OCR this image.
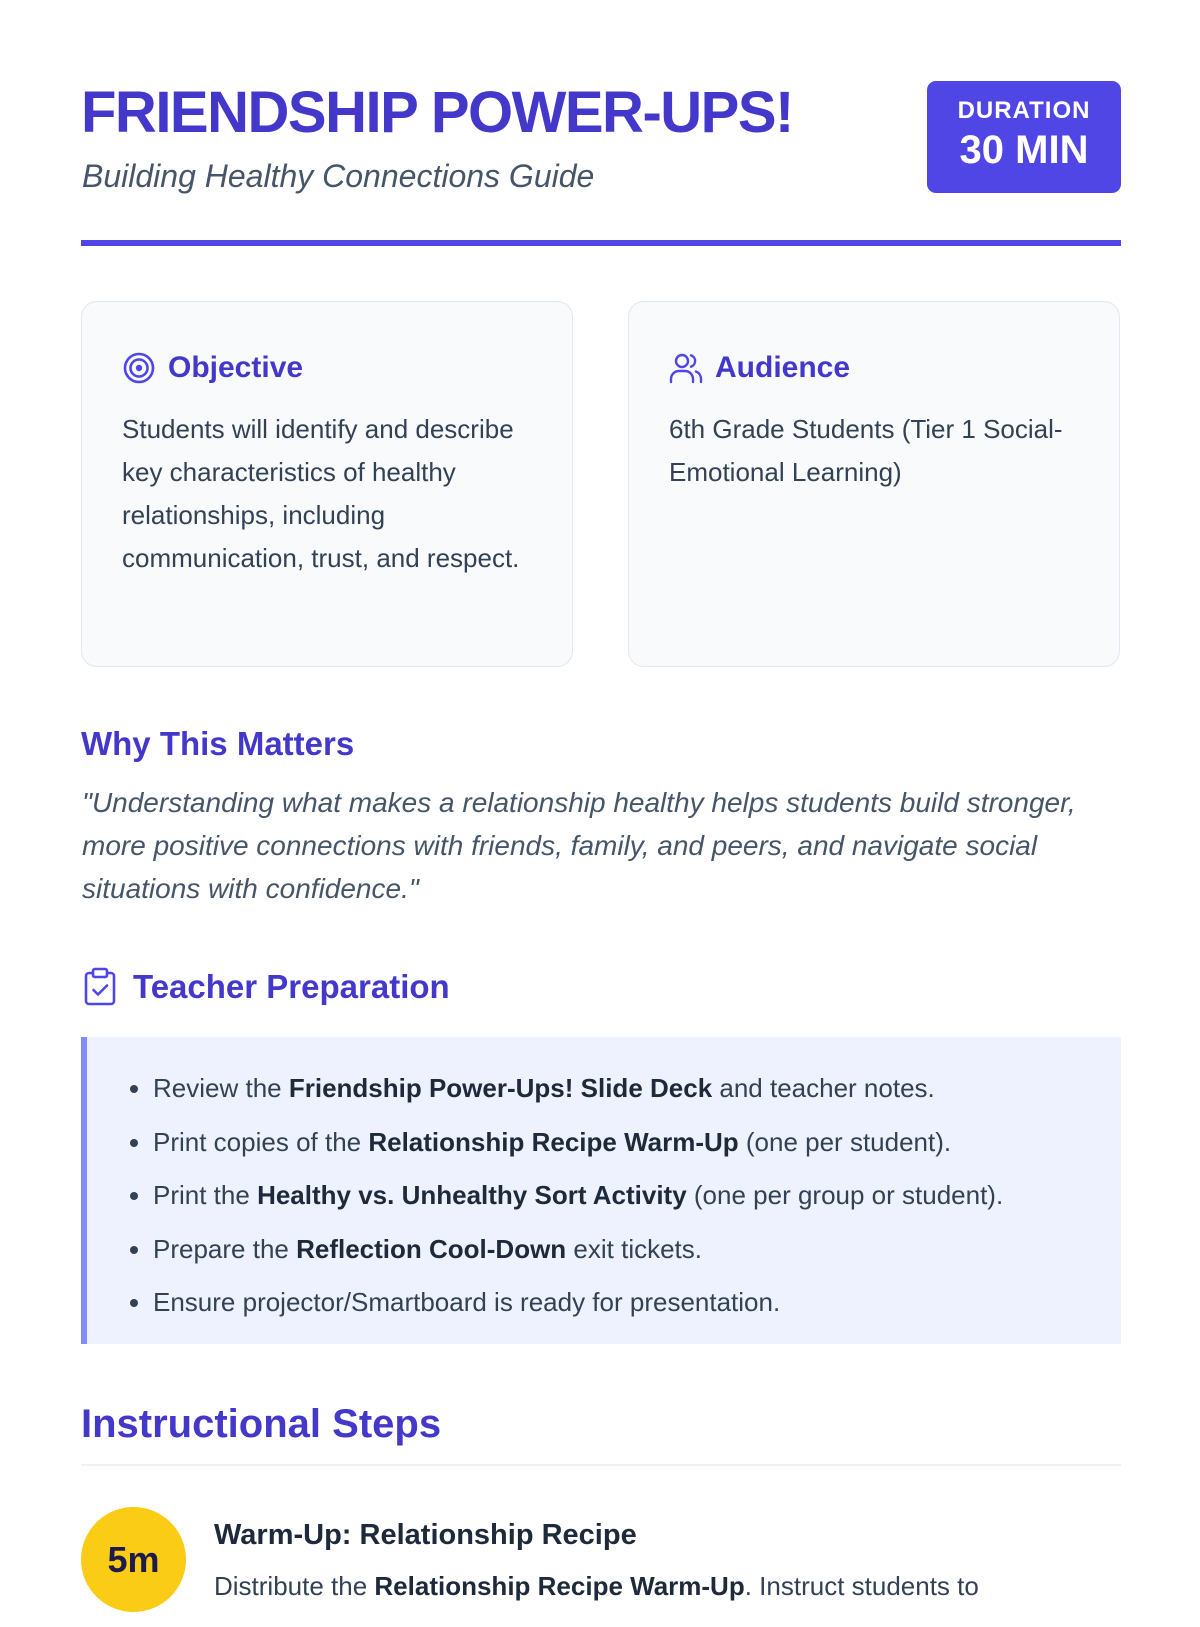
FRIENDSHIP POWER-UPS!

Building Healthy Connections Guide

DURATION
30 MIN
Objective

Students will identify and describe key characteristics of healthy relationships, including communication, trust, and respect.

Audience

6th Grade Students (Tier 1 Social-Emotional Learning)

Why This Matters

"Understanding what makes a relationship healthy helps students build stronger, more positive connections with friends, family, and peers, and navigate social situations with confidence."

Teacher Preparation
• Review the Friendship Power-Ups! Slide Deck and teacher notes.
• Print copies of the Relationship Recipe Warm-Up (one per student).
• Print the Healthy vs. Unhealthy Sort Activity (one per group or student).
• Prepare the Reflection Cool-Down exit tickets.
• Ensure projector/Smartboard is ready for presentation.
Instructional Steps
5m
Warm-Up: Relationship Recipe

Distribute the Relationship Recipe Warm-Up. Instruct students to
